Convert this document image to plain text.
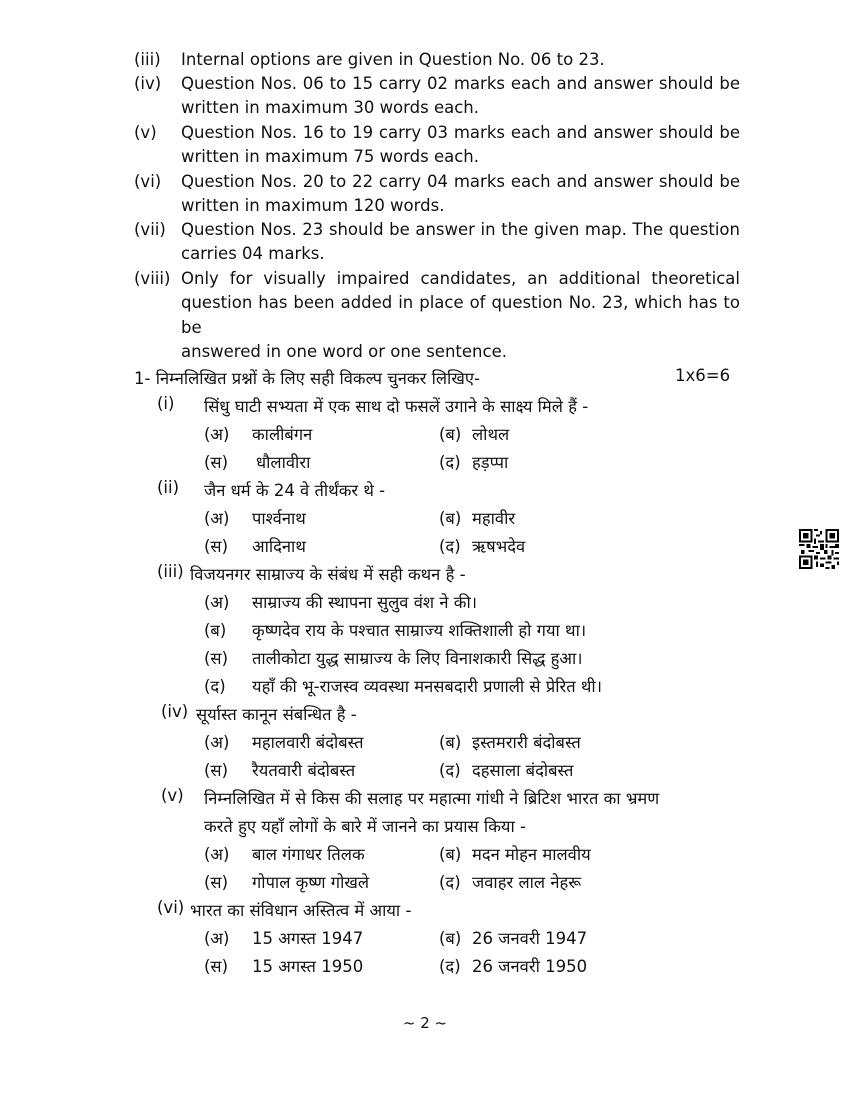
(iii)	Internal options are given in Question No. 06 to 23.
(iv)	Question Nos. 06 to 15 carry 02 marks each and answer should be
written in maximum 30 words each.
(v)	Question Nos. 16 to 19 carry 03 marks each and answer should be
written in maximum 75 words each.
(vi)	Question Nos. 20 to 22 carry 04 marks each and answer should be
written in maximum 120 words.
(vii) Question Nos. 23 should be answer in the given map. The question
carries 04 marks.
(viii) Only for visually impaired candidates, an additional theoretical
question has been added in place of question No. 23, which has to be
answered in one word or one sentence.
1- निम्नलिखित प्रश्नों के लिए सही विकल्प चुनकर लिखिए-	1x6=6
(i) सिंधु घाटी सभ्यता में एक साथ दो फसलें उगाने के साक्ष्य मिले हैं -
(अ) कालीबंगन	(ब) लोथल
(स) धौलावीरा	(द) हड़प्पा
(ii) जैन धर्म के 24 वे तीर्थंकर थे -
(अ) पार्श्वनाथ	(ब) महावीर
(स) आदिनाथ	(द) ऋषभदेव
(iii) विजयनगर साम्राज्य के संबंध में सही कथन है -
(अ) साम्राज्य की स्थापना सुलुव वंश ने की।
(ब) कृष्णदेव राय के पश्चात साम्राज्य शक्तिशाली हो गया था।
(स) तालीकोटा युद्ध साम्राज्य के लिए विनाशकारी सिद्ध हुआ।
(द) यहाँ की भू-राजस्व व्यवस्था मनसबदारी प्रणाली से प्रेरित थी।
(iv) सूर्यास्त कानून संबन्धित है -
(अ) महालवारी बंदोबस्त	(ब) इस्तमरारी बंदोबस्त
(स) रैयतवारी बंदोबस्त	(द) दहसाला बंदोबस्त
(v) निम्नलिखित में से किस की सलाह पर महात्मा गांधी ने ब्रिटिश भारत का भ्रमण
करते हुए यहाँ लोगों के बारे में जानने का प्रयास किया -
(अ) बाल गंगाधर तिलक	(ब) मदन मोहन मालवीय
(स) गोपाल कृष्ण गोखले	(द) जवाहर लाल नेहरू
(vi) भारत का संविधान अस्तित्व में आया -
(अ) 15 अगस्त 1947	(ब) 26 जनवरी 1947
(स) 15 अगस्त 1950	(द) 26 जनवरी 1950
~ 2 ~
